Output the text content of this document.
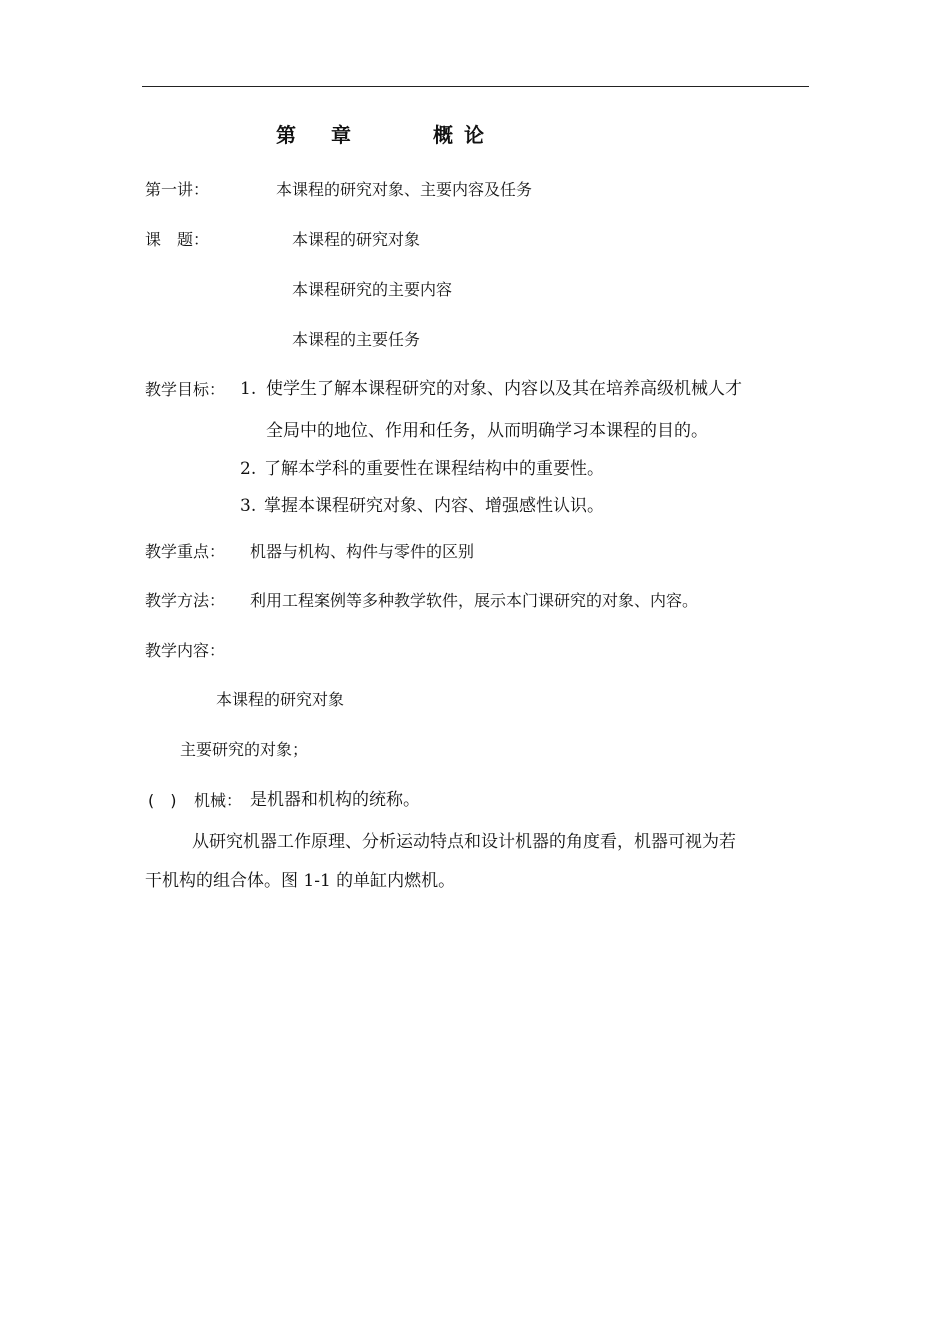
第 章	概 论
第一讲：	本课程的研究对象、主要内容及任务
课　题：	本课程的研究对象
本课程研究的主要内容
本课程的主要任务
教学目标： 1. 使学生了解本课程研究的对象、内容以及其在培养高级机械人才
全局中的地位、作用和任务，从而明确学习本课程的目的。
2. 了解本学科的重要性在课程结构中的重要性。
3. 掌握本课程研究对象、内容、增强感性认识。
教学重点： 机器与机构、构件与零件的区别
教学方法： 利用工程案例等多种教学软件，展示本门课研究的对象、内容。
教学内容：
本课程的研究对象
主要研究的对象；
(　) 机械： 是机器和机构的统称。
从研究机器工作原理、分析运动特点和设计机器的角度看，机器可视为若
干机构的组合体。图 1-1 的单缸内燃机。
